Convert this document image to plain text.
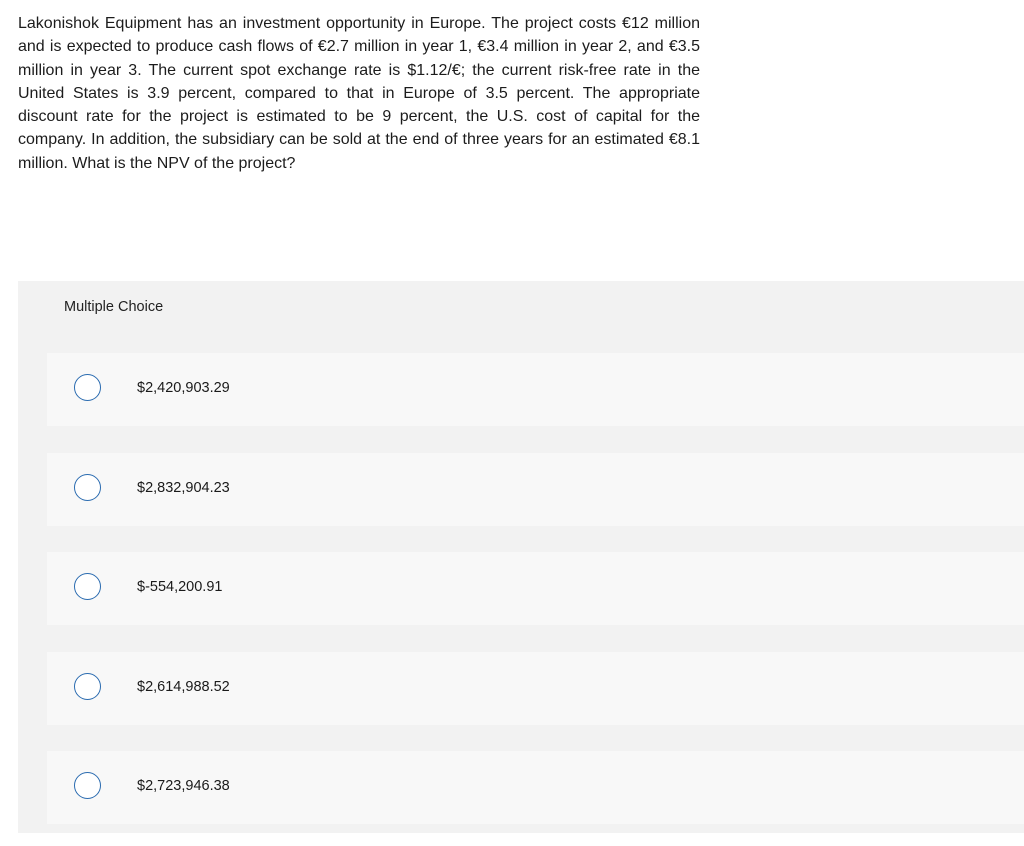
Lakonishok Equipment has an investment opportunity in Europe. The project costs €12 million and is expected to produce cash flows of €2.7 million in year 1, €3.4 million in year 2, and €3.5 million in year 3. The current spot exchange rate is $1.12/€; the current risk-free rate in the United States is 3.9 percent, compared to that in Europe of 3.5 percent. The appropriate discount rate for the project is estimated to be 9 percent, the U.S. cost of capital for the company. In addition, the subsidiary can be sold at the end of three years for an estimated €8.1 million. What is the NPV of the project?

Multiple Choice

$2,420,903.29
$2,832,904.23
$-554,200.91
$2,614,988.52
$2,723,946.38
